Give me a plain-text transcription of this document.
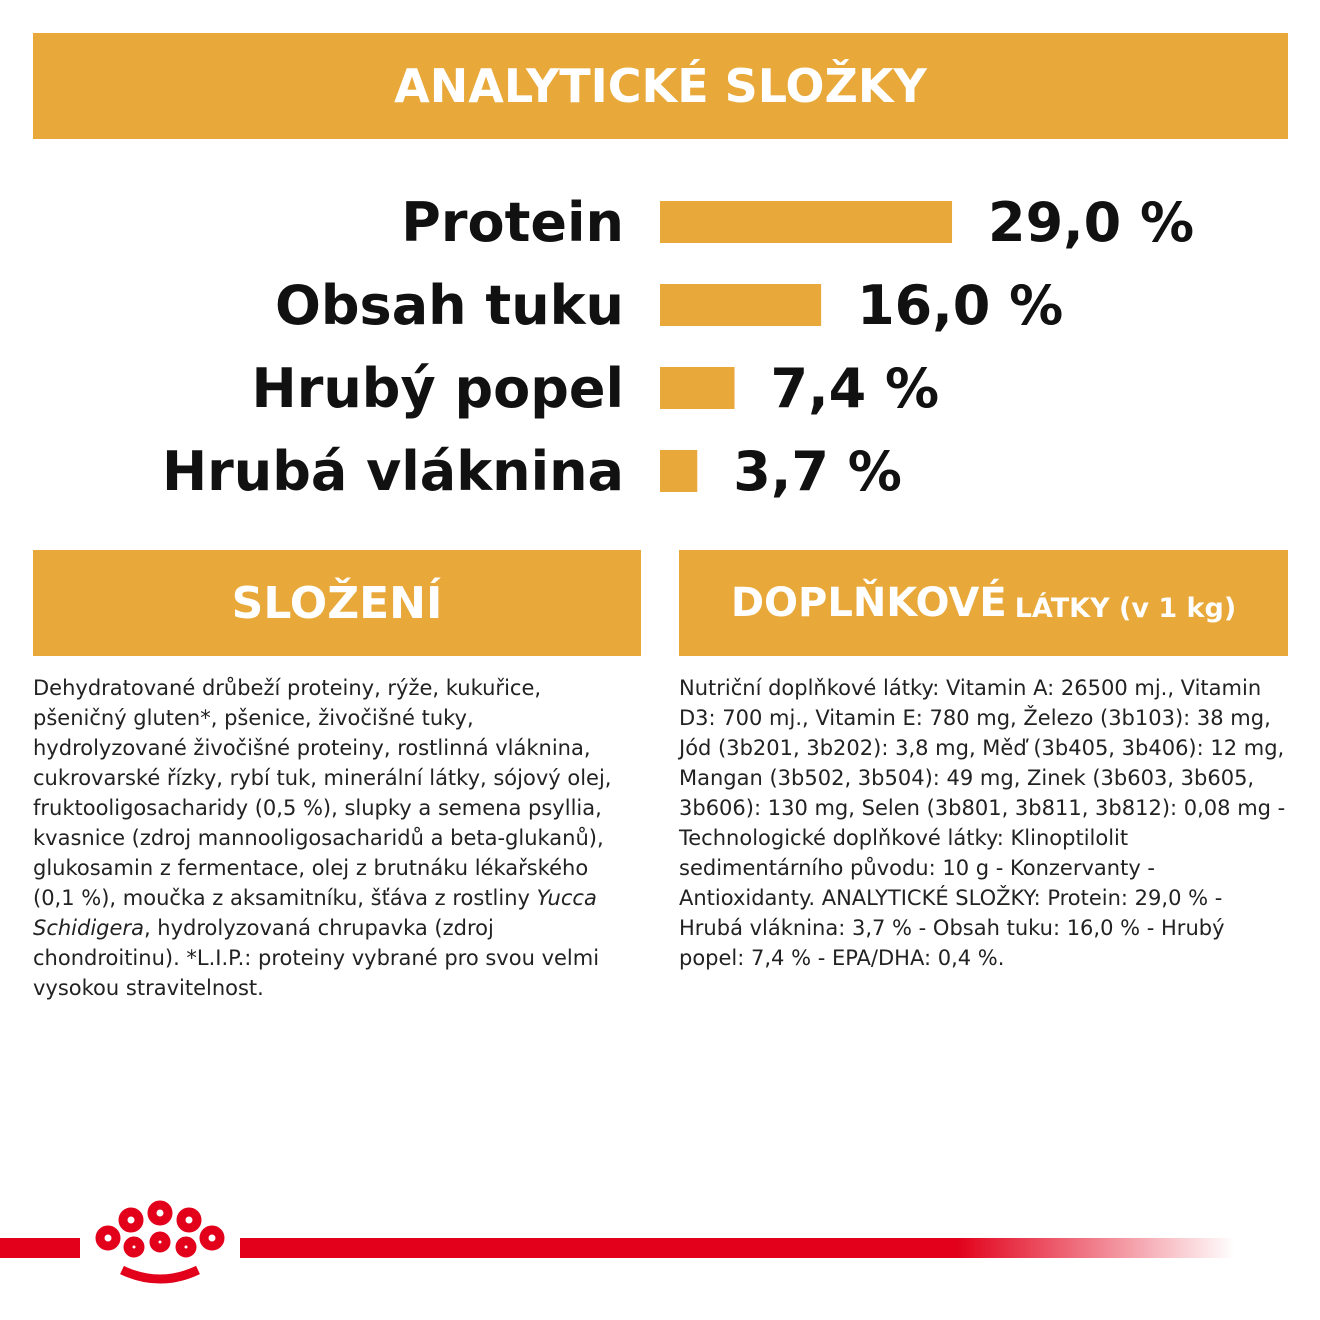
ANALYTICKÉ SLOŽKY
Protein	29,0 %
Obsah tuku	16,0 %
Hrubý popel	7,4 %
Hrubá vláknina 3,7 %
SLOŽENÍ	DOPLŇKOVÉ LÁTKY (v 1 kg)

Dehydratované drůbeží proteiny, rýže, kukuřice, pšeničný gluten*, pšenice, živočišné tuky, hydrolyzované živočišné proteiny, rostlinná vláknina, cukrovarské řízky, rybí tuk, minerální látky, sójový olej, fruktooligosacharidy (0,5 %), slupky a semena psyllia, kvasnice (zdroj mannooligosacharidů a beta-glukanů), glukosamin z fermentace, olej z brutnáku lékařského (0,1 %), moučka z aksamitníku, šťáva z rostliny Yucca Schidigera, hydrolyzovaná chrupavka (zdroj chondroitinu). *L.I.P.: proteiny vybrané pro svou velmi vysokou stravitelnost.

Nutriční doplňkové látky: Vitamin A: 26500 mj., Vitamin D3: 700 mj., Vitamin E: 780 mg, Železo (3b103): 38 mg, Jód (3b201, 3b202): 3,8 mg, Měď (3b405, 3b406): 12 mg, Mangan (3b502, 3b504): 49 mg, Zinek (3b603, 3b605, 3b606): 130 mg, Selen (3b801, 3b811, 3b812): 0,08 mg - Technologické doplňkové látky: Klinoptilolit sedimentárního původu: 10 g - Konzervanty - Antioxidanty. ANALYTICKÉ SLOŽKY: Protein: 29,0 % - Hrubá vláknina: 3,7 % - Obsah tuku: 16,0 % - Hrubý popel: 7,4 % - EPA/DHA: 0,4 %.
